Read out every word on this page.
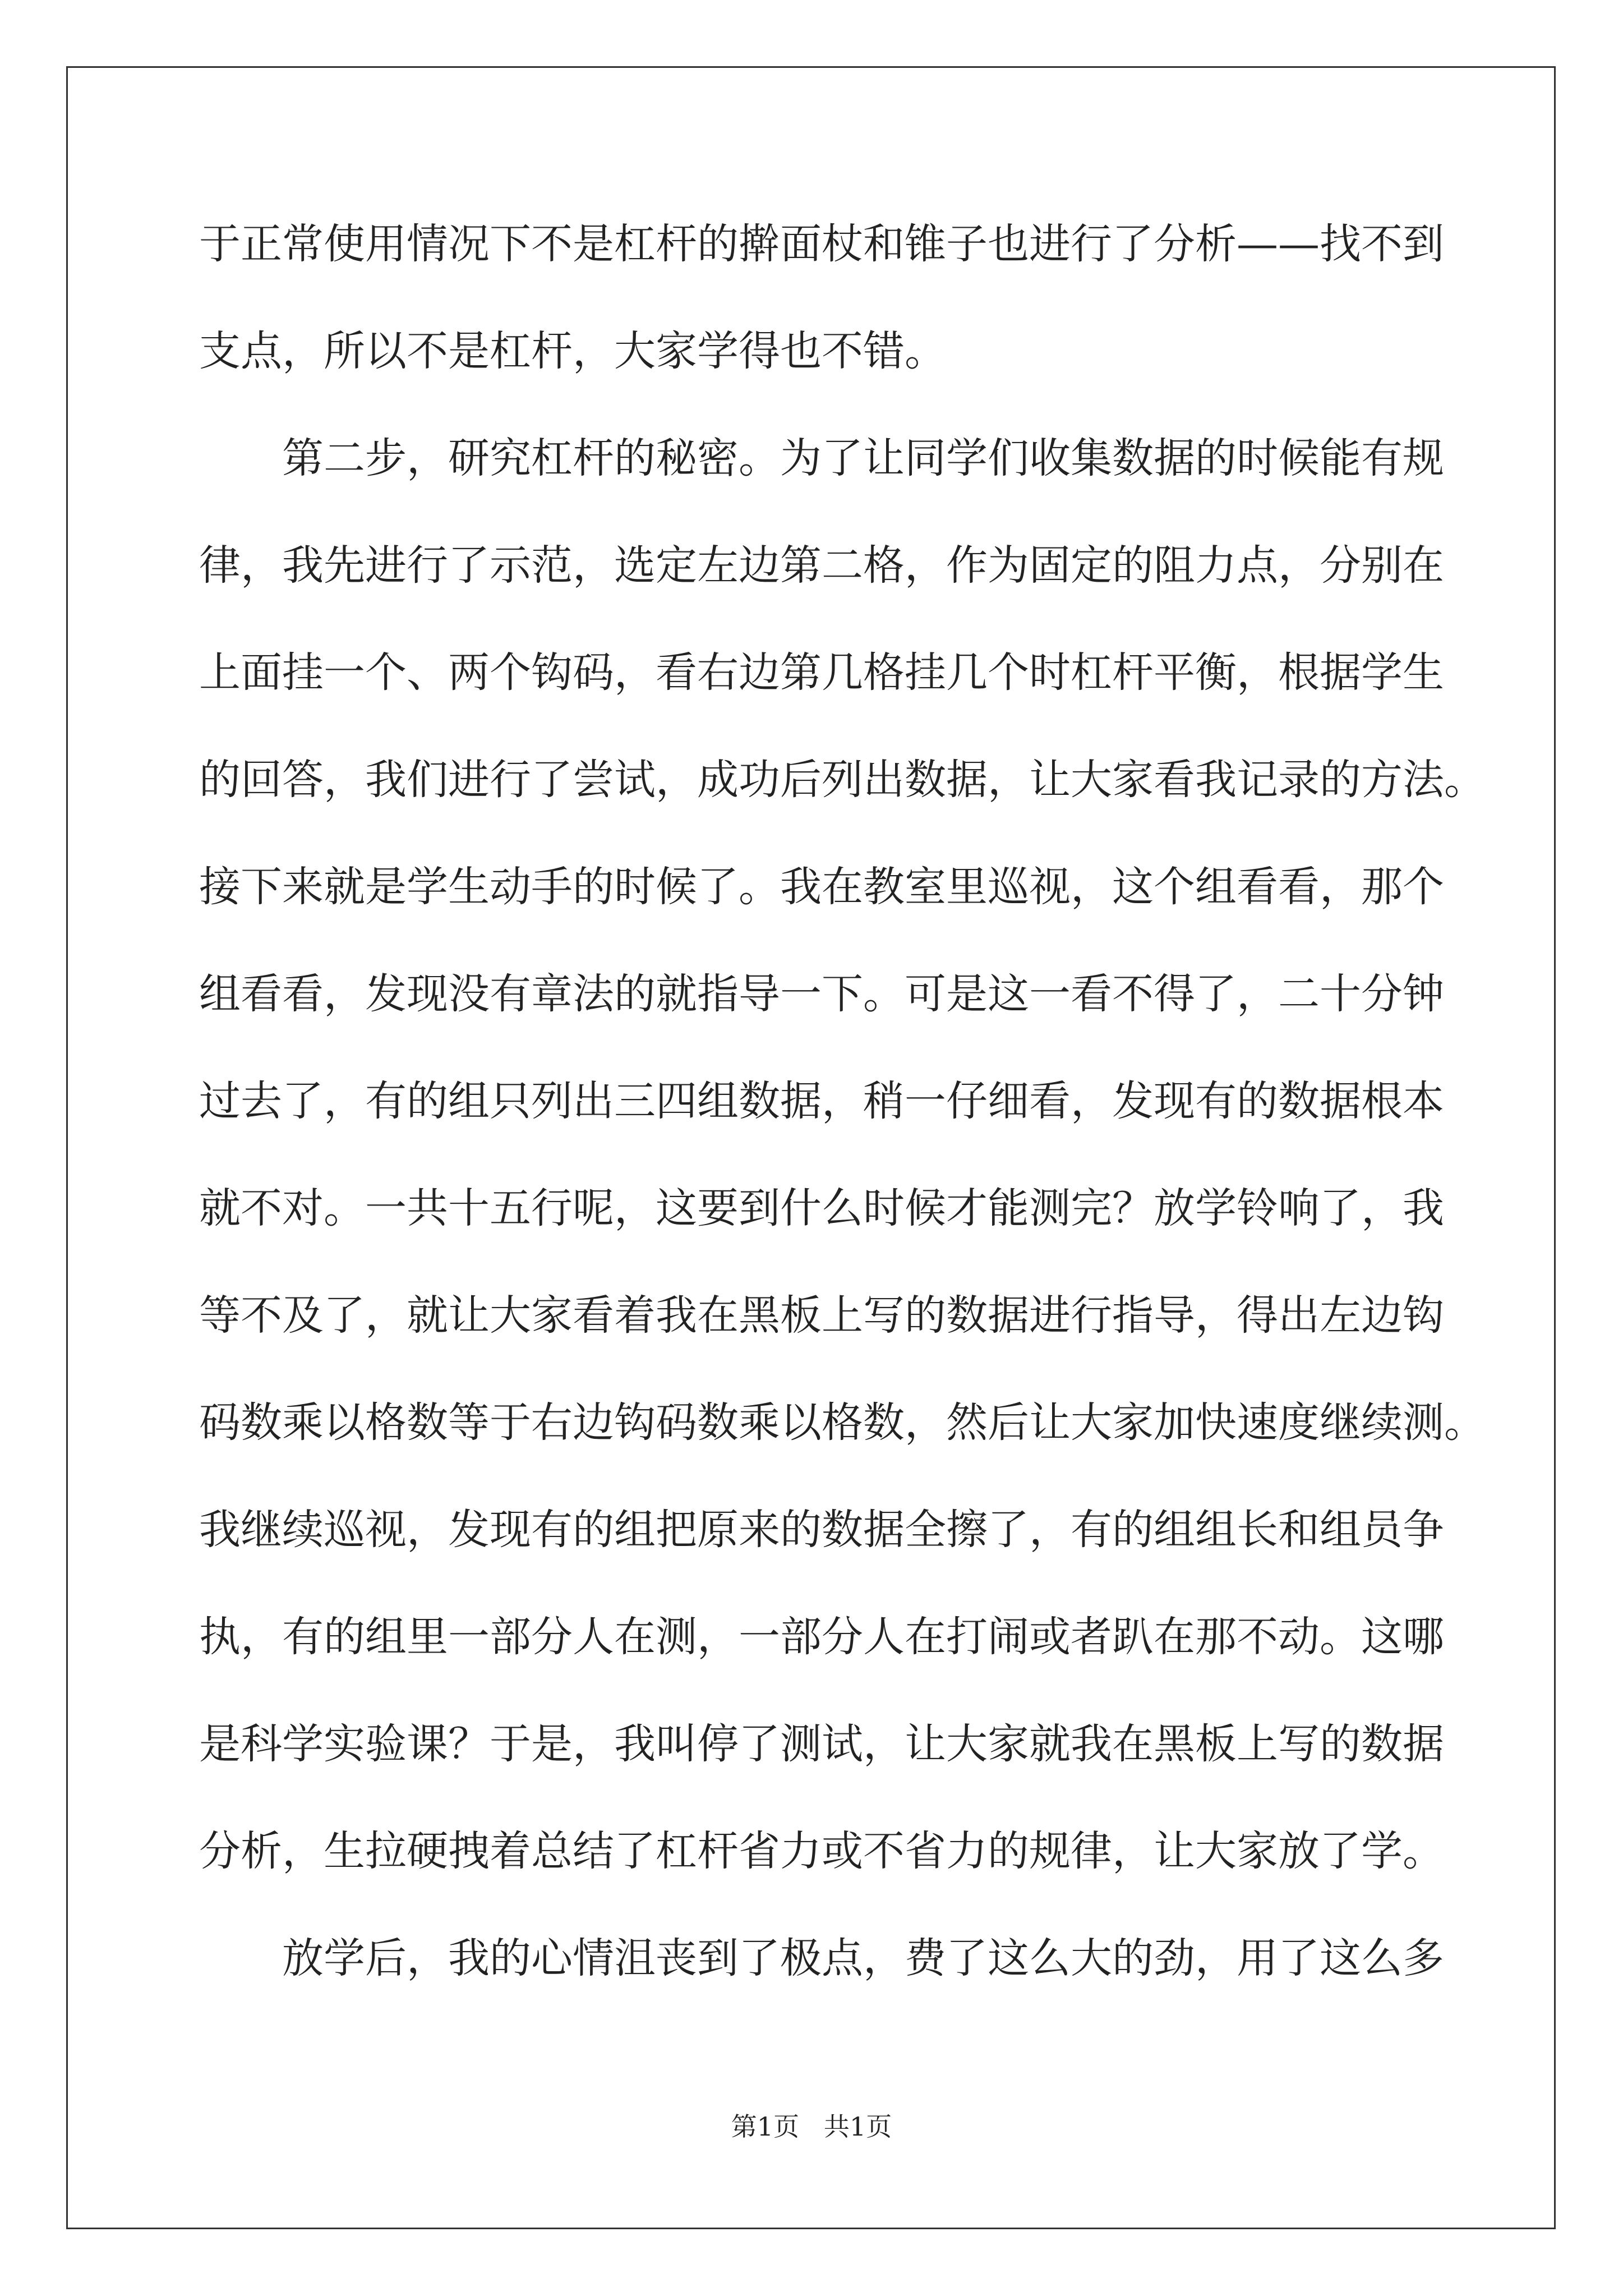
于正常使用情况下不是杠杆的擀面杖和锥子也进行了分析——找不到
支点，所以不是杠杆，大家学得也不错。
第二步，研究杠杆的秘密。为了让同学们收集数据的时候能有规
律，我先进行了示范，选定左边第二格，作为固定的阻力点，分别在
上面挂一个、两个钩码，看右边第几格挂几个时杠杆平衡，根据学生
的回答，我们进行了尝试，成功后列出数据，让大家看我记录的方法。
接下来就是学生动手的时候了。我在教室里巡视，这个组看看，那个
组看看，发现没有章法的就指导一下。可是这一看不得了，二十分钟
过去了，有的组只列出三四组数据，稍一仔细看，发现有的数据根本
就不对。一共十五行呢，这要到什么时候才能测完？放学铃响了，我
等不及了，就让大家看着我在黑板上写的数据进行指导，得出左边钩
码数乘以格数等于右边钩码数乘以格数，然后让大家加快速度继续测。
我继续巡视，发现有的组把原来的数据全擦了，有的组组长和组员争
执，有的组里一部分人在测，一部分人在打闹或者趴在那不动。这哪
是科学实验课？于是，我叫停了测试，让大家就我在黑板上写的数据
分析，生拉硬拽着总结了杠杆省力或不省力的规律，让大家放了学。
放学后，我的心情沮丧到了极点，费了这么大的劲，用了这么多
第1页   共1页
